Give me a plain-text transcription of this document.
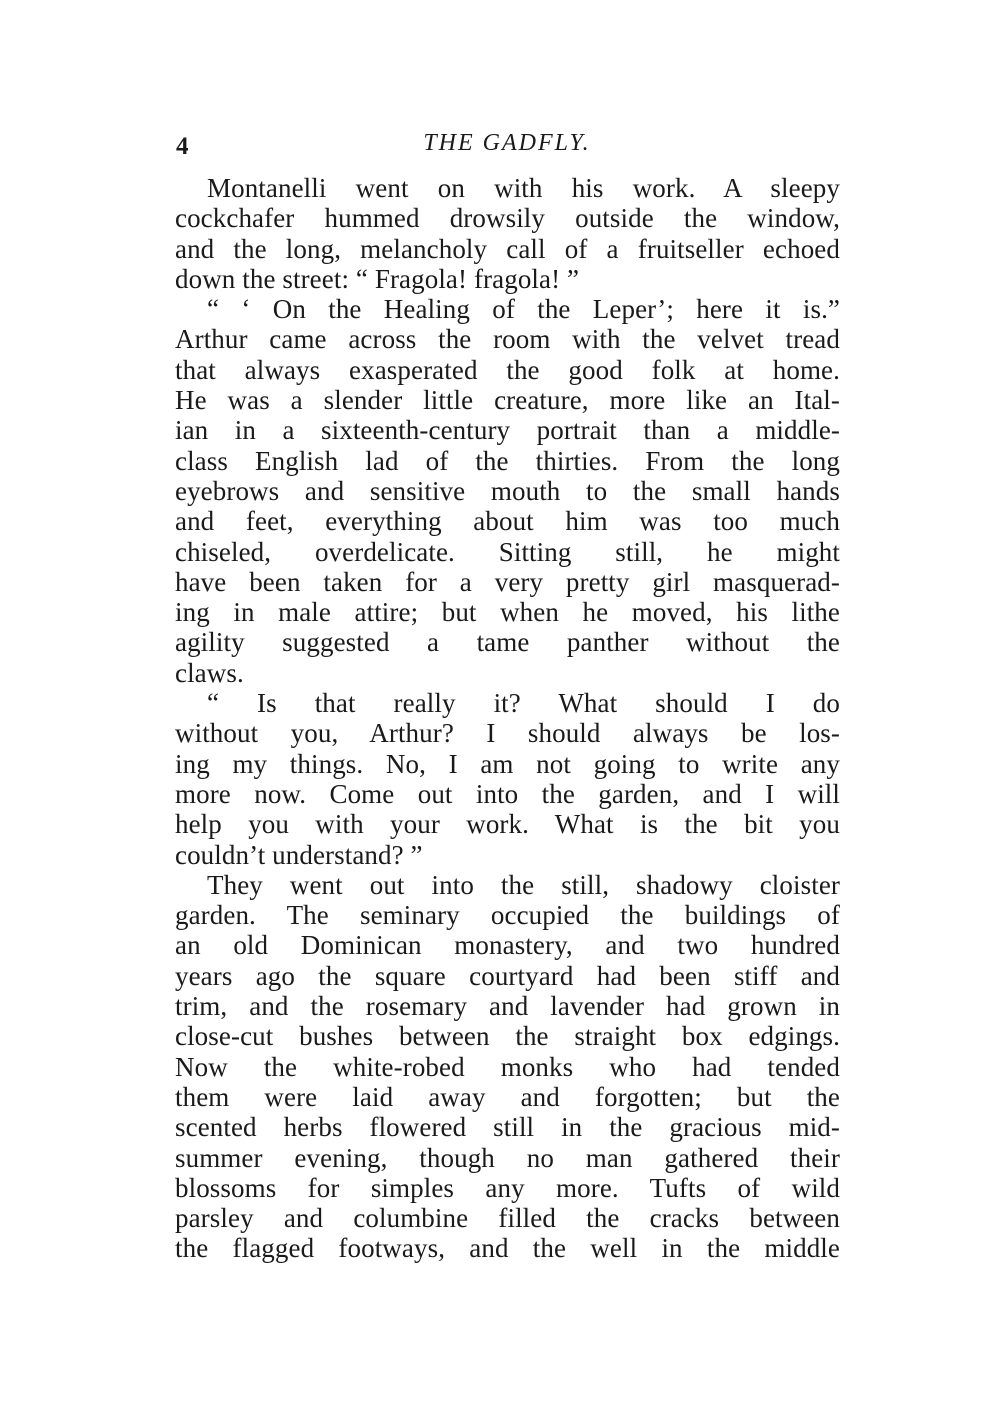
4	THE GADFLY.
Montanelli went on with his work. A sleepy
cockchafer hummed drowsily outside the window,
and the long, melancholy call of a fruitseller echoed
down the street: “ Fragola! fragola! ”
“ ‘ On the Healing of the Leper’; here it is.”
Arthur came across the room with the velvet tread
that always exasperated the good folk at home.
He was a slender little creature, more like an Ital-
ian in a sixteenth-century portrait than a middle-
class English lad of the thirties. From the long
eyebrows and sensitive mouth to the small hands
and feet, everything about him was too much
chiseled, overdelicate. Sitting still, he might
have been taken for a very pretty girl masquerad-
ing in male attire; but when he moved, his lithe
agility suggested a tame panther without the
claws.
“ Is that really it? What should I do
without you, Arthur? I should always be los-
ing my things. No, I am not going to write any
more now. Come out into the garden, and I will
help you with your work. What is the bit you
couldn’t understand? ”
They went out into the still, shadowy cloister
garden. The seminary occupied the buildings of
an old Dominican monastery, and two hundred
years ago the square courtyard had been stiff and
trim, and the rosemary and lavender had grown in
close-cut bushes between the straight box edgings.
Now the white-robed monks who had tended
them were laid away and forgotten; but the
scented herbs flowered still in the gracious mid-
summer evening, though no man gathered their
blossoms for simples any more. Tufts of wild
parsley and columbine filled the cracks between
the flagged footways, and the well in the middle
